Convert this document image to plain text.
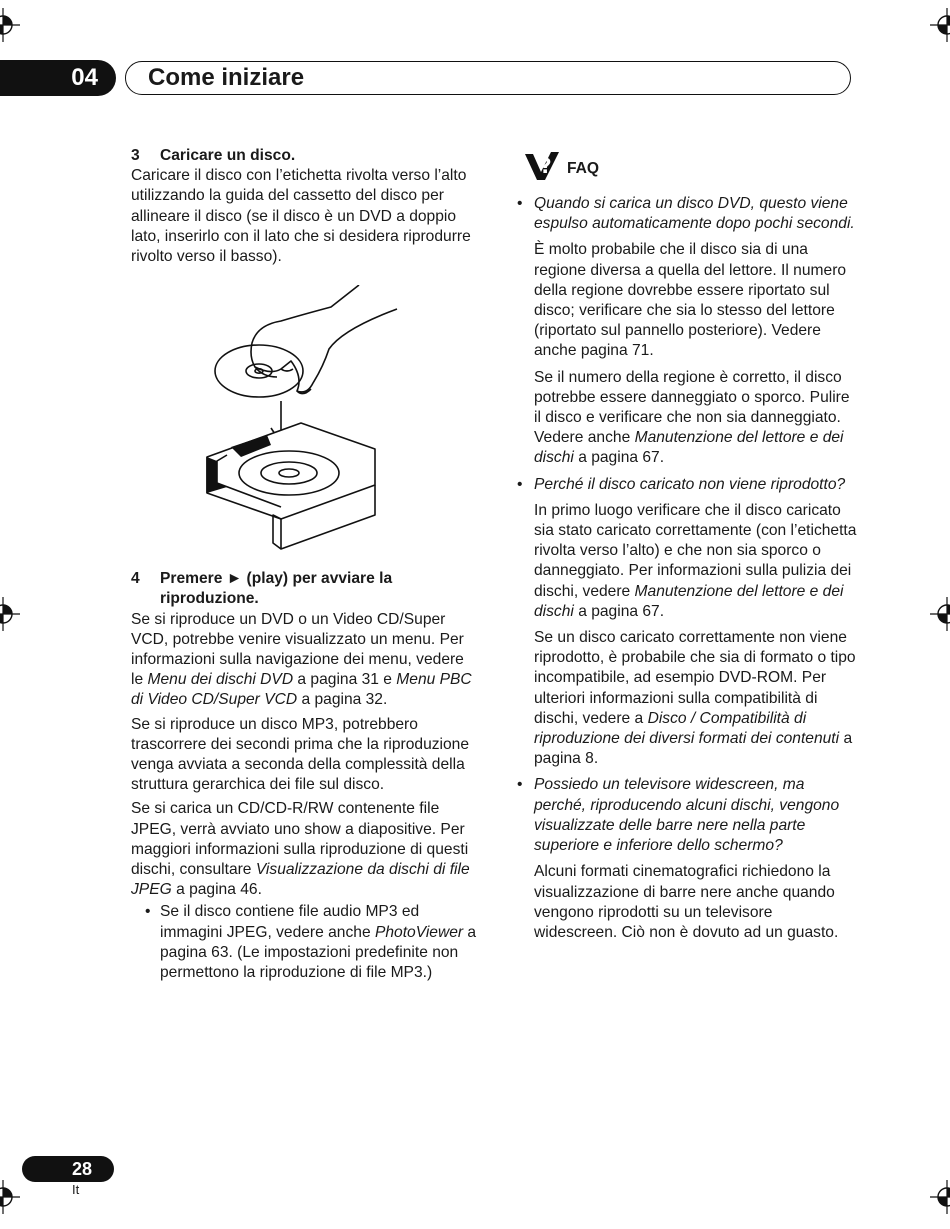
04	Come iniziare

3 Caricare un disco.

Caricare il disco con l’etichetta rivolta verso l’alto utilizzando la guida del cassetto del disco per allineare il disco (se il disco è un DVD a doppio lato, inserirlo con il lato che si desidera riprodurre rivolto verso il basso).

4	Premere ► (play) per avviare la riproduzione.

Se si riproduce un DVD o un Video CD/Super VCD, potrebbe venire visualizzato un menu. Per informazioni sulla navigazione dei menu, vedere le Menu dei dischi DVD a pagina 31 e Menu PBC di Video CD/Super VCD a pagina 32.

Se si riproduce un disco MP3, potrebbero trascorrere dei secondi prima che la riproduzione venga avviata a seconda della complessità della struttura gerarchica dei file sul disco.

Se si carica un CD/CD-R/RW contenente file JPEG, verrà avviato uno show a diapositive. Per maggiori informazioni sulla riproduzione di questi dischi, consultare Visualizzazione da dischi di file JPEG a pagina 46.

• Se il disco contiene file audio MP3 ed immagini JPEG, vedere anche PhotoViewer a pagina 63. (Le impostazioni predefinite non permettono la riproduzione di file MP3.)

? FAQ

• Quando si carica un disco DVD, questo viene espulso automaticamente dopo pochi secondi.

È molto probabile che il disco sia di una regione diversa a quella del lettore. Il numero della regione dovrebbe essere riportato sul disco; verificare che sia lo stesso del lettore (riportato sul pannello posteriore). Vedere anche pagina 71.

Se il numero della regione è corretto, il disco potrebbe essere danneggiato o sporco. Pulire il disco e verificare che non sia danneggiato. Vedere anche Manutenzione del lettore e dei dischi a pagina 67.

• Perché il disco caricato non viene riprodotto?

In primo luogo verificare che il disco caricato sia stato caricato correttamente (con l’etichetta rivolta verso l’alto) e che non sia sporco o danneggiato. Per informazioni sulla pulizia dei dischi, vedere Manutenzione del lettore e dei dischi a pagina 67.

Se un disco caricato correttamente non viene riprodotto, è probabile che sia di formato o tipo incompatibile, ad esempio DVD-ROM. Per ulteriori informazioni sulla compatibilità di dischi, vedere a Disco / Compatibilità di riproduzione dei diversi formati dei contenuti a pagina 8.

• Possiedo un televisore widescreen, ma perché, riproducendo alcuni dischi, vengono visualizzate delle barre nere nella parte superiore e inferiore dello schermo?

Alcuni formati cinematografici richiedono la visualizzazione di barre nere anche quando vengono riprodotti su un televisore widescreen. Ciò non è dovuto ad un guasto.

28
It
